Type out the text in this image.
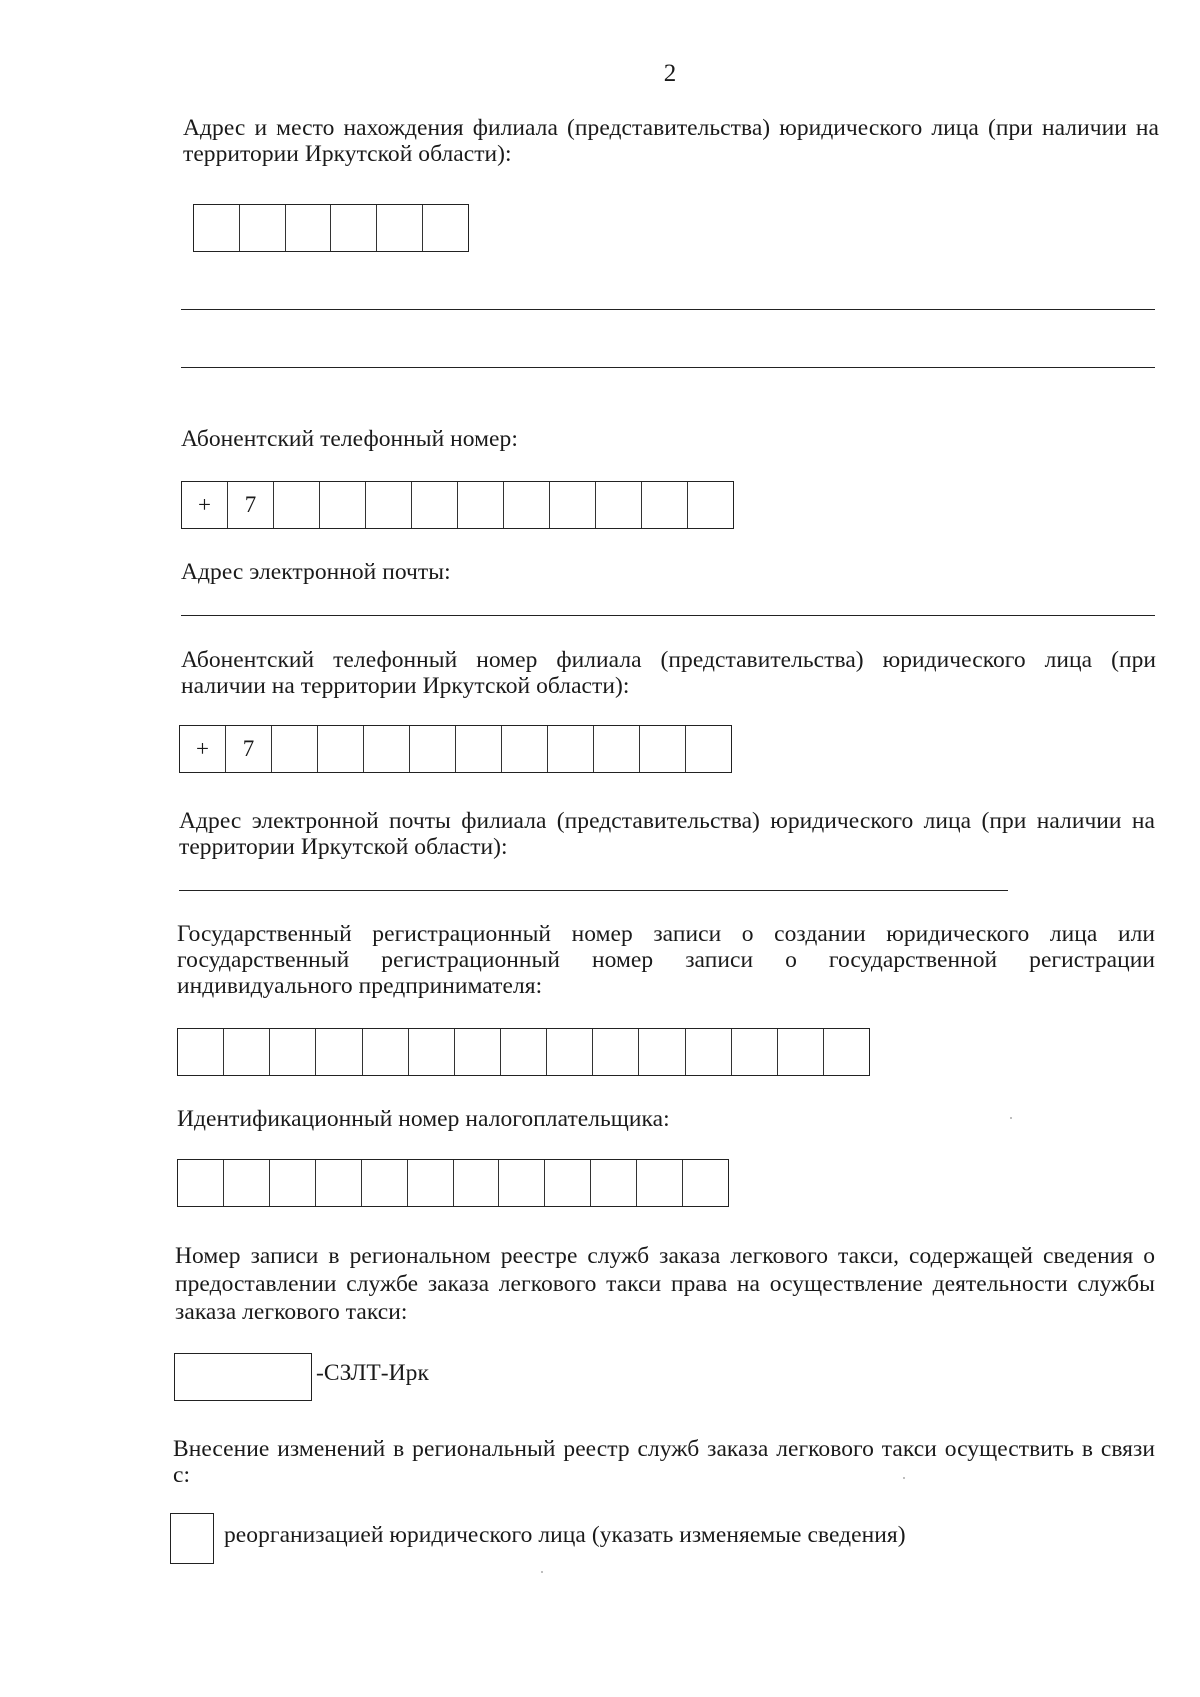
2
Адрес и место нахождения филиала (представительства) юридического лица (при наличии на
территории Иркутской области):
Абонентский телефонный номер:
+	7
Адрес электронной почты:
Абонентский телефонный номер филиала (представительства) юридического лица (при
наличии на территории Иркутской области):
+	7
Адрес электронной почты филиала (представительства) юридического лица (при наличии на
территории Иркутской области):
Государственный регистрационный номер записи о создании юридического лица или
государственный регистрационный номер записи о государственной регистрации
индивидуального предпринимателя:
Идентификационный номер налогоплательщика:
Номер записи в региональном реестре служб заказа легкового такси, содержащей сведения о
предоставлении службе заказа легкового такси права на осуществление деятельности службы
заказа легкового такси:
-СЗЛТ-Ирк
Внесение изменений в региональный реестр служб заказа легкового такси осуществить в связи
с:
реорганизацией юридического лица (указать изменяемые сведения)
